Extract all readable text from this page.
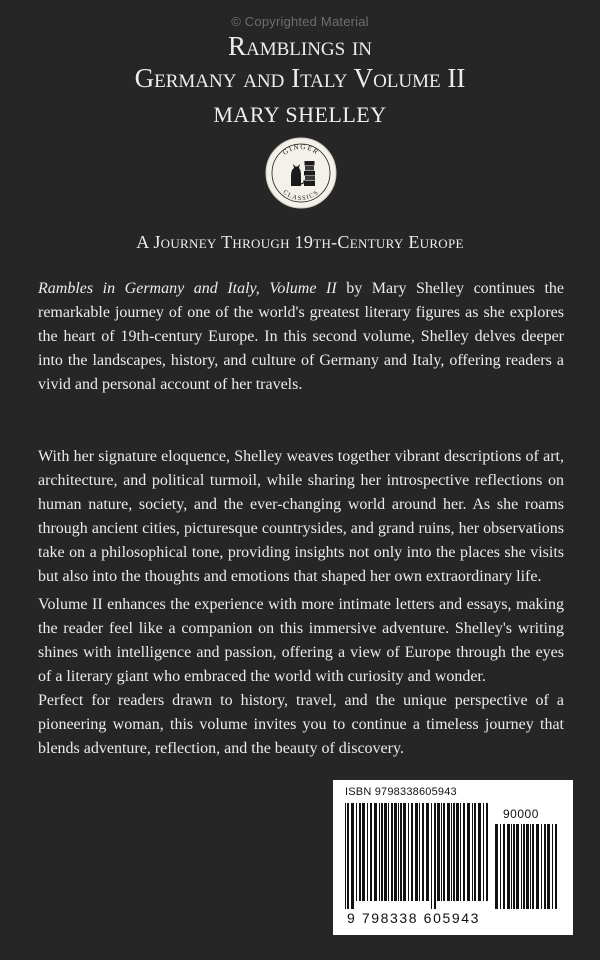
© Copyrighted Material
Ramblings in
Germany and Italy Volume II
MARY SHELLEY
GINGER
CLASSICS
A Journey Through 19th-Century Europe
Rambles in Germany and Italy, Volume II by Mary Shelley continues the remarkable journey of one of the world's greatest literary figures as she explores the heart of 19th-century Europe. In this second volume, Shelley delves deeper into the landscapes, history, and culture of Germany and Italy, offering readers a vivid and personal account of her travels.
With her signature eloquence, Shelley weaves together vibrant descriptions of art, architecture, and political turmoil, while sharing her introspective reflections on human nature, society, and the ever-changing world around her. As she roams through ancient cities, picturesque countrysides, and grand ruins, her observations take on a philosophical tone, providing insights not only into the places she visits but also into the thoughts and emotions that shaped her own extraordinary life.
Volume II enhances the experience with more intimate letters and essays, making the reader feel like a companion on this immersive adventure. Shelley's writing shines with intelligence and passion, offering a view of Europe through the eyes of a literary giant who embraced the world with curiosity and wonder.
Perfect for readers drawn to history, travel, and the unique perspective of a pioneering woman, this volume invites you to continue a timeless journey that blends adventure, reflection, and the beauty of discovery.
ISBN 9798338605943
90000
9 798338 605943
